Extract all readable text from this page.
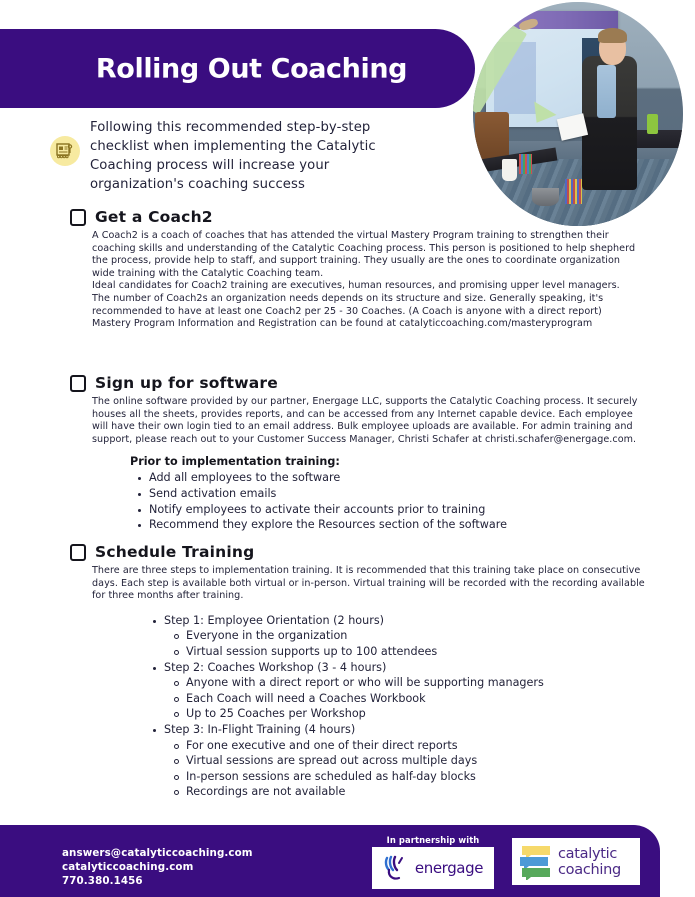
Rolling Out Coaching
Following this recommended step-by-step checklist when implementing the Catalytic Coaching process will increase your organization's coaching success
Get a Coach2

A Coach2 is a coach of coaches that has attended the virtual Mastery Program training to strengthen their coaching skills and understanding of the Catalytic Coaching process. This person is positioned to help shepherd the process, provide help to staff, and support training. They usually are the ones to coordinate organization wide training with the Catalytic Coaching team.

Ideal candidates for Coach2 training are executives, human resources, and promising upper level managers.

The number of Coach2s an organization needs depends on its structure and size. Generally speaking, it's recommended to have at least one Coach2 per 25 - 30 Coaches. (A Coach is anyone with a direct report)

Mastery Program Information and Registration can be found at catalyticcoaching.com/masteryprogram

Sign up for software

The online software provided by our partner, Energage LLC, supports the Catalytic Coaching process. It securely houses all the sheets, provides reports, and can be accessed from any Internet capable device. Each employee will have their own login tied to an email address. Bulk employee uploads are available. For admin training and support, please reach out to your Customer Success Manager, Christi Schafer at christi.schafer@energage.com.

Prior to implementation training:
Add all employees to the software
Send activation emails
Notify employees to activate their accounts prior to training
Recommend they explore the Resources section of the software
Schedule Training

There are three steps to implementation training. It is recommended that this training take place on consecutive days. Each step is available both virtual or in-person. Virtual training will be recorded with the recording available for three months after training.

Step 1: Employee Orientation (2 hours)
Everyone in the organization
Virtual session supports up to 100 attendees
Step 2: Coaches Workshop (3 - 4 hours)
Anyone with a direct report or who will be supporting managers
Each Coach will need a Coaches Workbook
Up to 25 Coaches per Workshop
Step 3: In-Flight Training (4 hours)
For one executive and one of their direct reports
Virtual sessions are spread out across multiple days
In-person sessions are scheduled as half-day blocks
Recordings are not available
answers@catalyticcoaching.com
catalyticcoaching.com
770.380.1456
In partnership with
energage
catalytic
coaching
